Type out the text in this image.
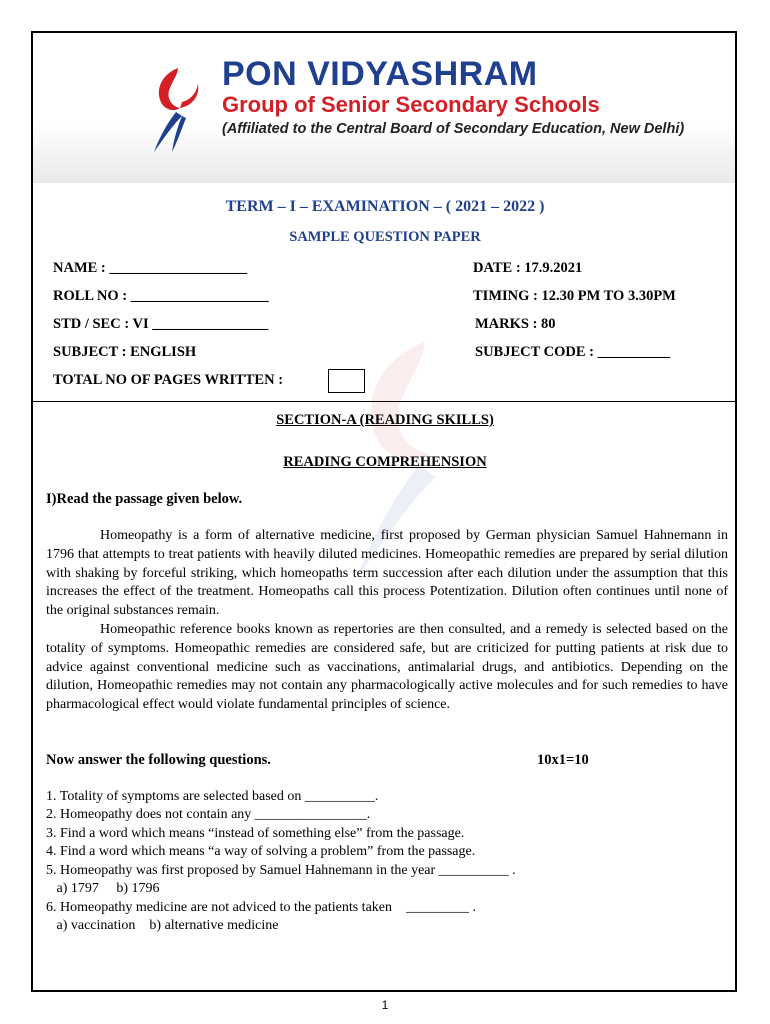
PON VIDYASHRAM
Group of Senior Secondary Schools
(Affiliated to the Central Board of Secondary Education, New Delhi)
TERM – I – EXAMINATION – ( 2021 – 2022 )
SAMPLE QUESTION PAPER
NAME : ___________________
ROLL NO : ___________________
STD / SEC : VI ________________
SUBJECT : ENGLISH
TOTAL NO OF PAGES WRITTEN :
DATE : 17.9.2021
TIMING : 12.30 PM TO 3.30PM
MARKS : 80
SUBJECT CODE : __________
SECTION-A (READING SKILLS)
READING COMPREHENSION
I)Read the passage given below.
Homeopathy is a form of alternative medicine, first proposed by German physician Samuel Hahnemann in 1796 that attempts to treat patients with heavily diluted medicines. Homeopathic remedies are prepared by serial dilution with shaking by forceful striking, which homeopaths term succession after each dilution under the assumption that this increases the effect of the treatment. Homeopaths call this process Potentization. Dilution often continues until none of the original substances remain.
Homeopathic reference books known as repertories are then consulted, and a remedy is selected based on the totality of symptoms. Homeopathic remedies are considered safe, but are criticized for putting patients at risk due to advice against conventional medicine such as vaccinations, antimalarial drugs, and antibiotics. Depending on the dilution, Homeopathic remedies may not contain any pharmacologically active molecules and for such remedies to have pharmacological effect would violate fundamental principles of science.
Now answer the following questions.	10x1=10
1. Totality of symptoms are selected based on __________.
2. Homeopathy does not contain any ________________.
3. Find a word which means “instead of something else” from the passage.
4. Find a word which means “a way of solving a problem” from the passage.
5. Homeopathy was first proposed by Samuel Hahnemann in the year __________ .
a) 1797     b) 1796
6. Homeopathy medicine are not adviced to the patients taken    _________ .
a) vaccination    b) alternative medicine
1
